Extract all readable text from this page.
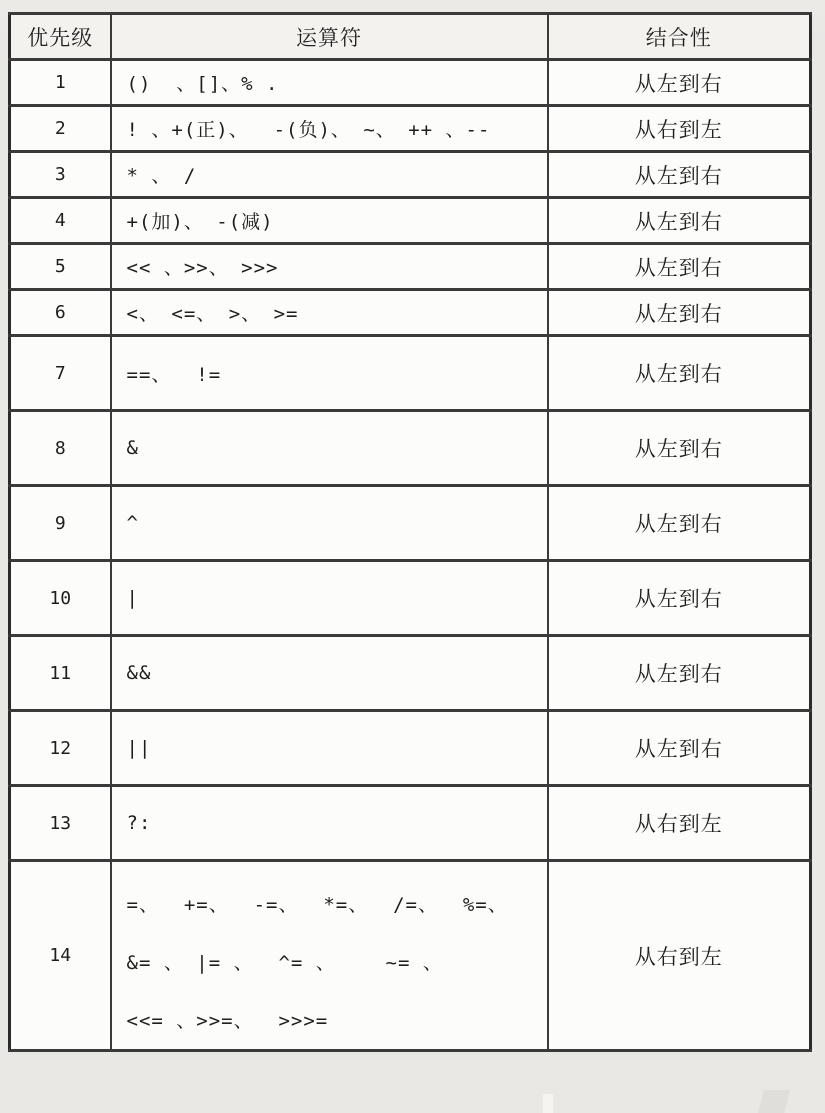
优先级	运算符	结合性
1	()  、[]、% .	从左到右
2	! 、+(正)、  -(负)、 ~、 ++ 、--	从右到左
3	* 、 /	从左到右
4	+(加)、 -(减)	从左到右
5	<< 、>>、 >>>	从左到右
6	<、 <=、 >、 >=	从左到右
7	==、  !=	从左到右
8	&	从左到右
9	^	从左到右
10	|	从左到右
11	&&	从左到右
12	||	从左到右
13	?:	从右到左
14	=、  +=、  -=、  *=、  /=、  %=、
&= 、 |= 、  ^= 、    ~= 、
<<= 、>>=、  >>>=	从右到左
